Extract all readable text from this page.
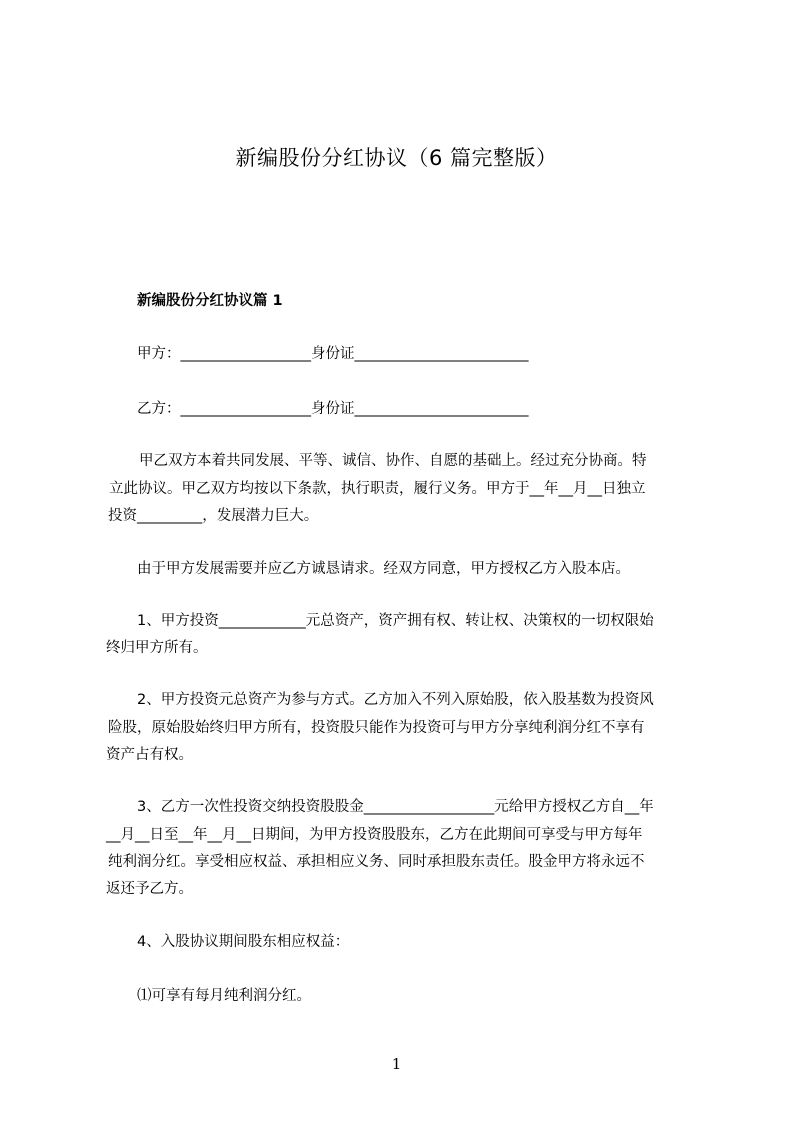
新编股份分红协议（6 篇完整版）
新编股份分红协议篇 1
甲方：__________________身份证________________________
乙方：__________________身份证________________________
甲乙双方本着共同发展、平等、诚信、协作、自愿的基础上。经过充分协商。特
立此协议。甲乙双方均按以下条款，执行职责，履行义务。甲方于__年__月__日独立
投资_________，发展潜力巨大。
由于甲方发展需要并应乙方诚恳请求。经双方同意，甲方授权乙方入股本店。
1、甲方投资____________元总资产，资产拥有权、转让权、决策权的一切权限始
终归甲方所有。
2、甲方投资元总资产为参与方式。乙方加入不列入原始股，依入股基数为投资风
险股，原始股始终归甲方所有，投资股只能作为投资可与甲方分享纯利润分红不享有
资产占有权。
3、乙方一次性投资交纳投资股股金__________________元给甲方授权乙方自__年
__月__日至__年__月__日期间，为甲方投资股股东，乙方在此期间可享受与甲方每年
纯利润分红。享受相应权益、承担相应义务、同时承担股东责任。股金甲方将永远不
返还予乙方。
4、入股协议期间股东相应权益：
⑴可享有每月纯利润分红。
1
